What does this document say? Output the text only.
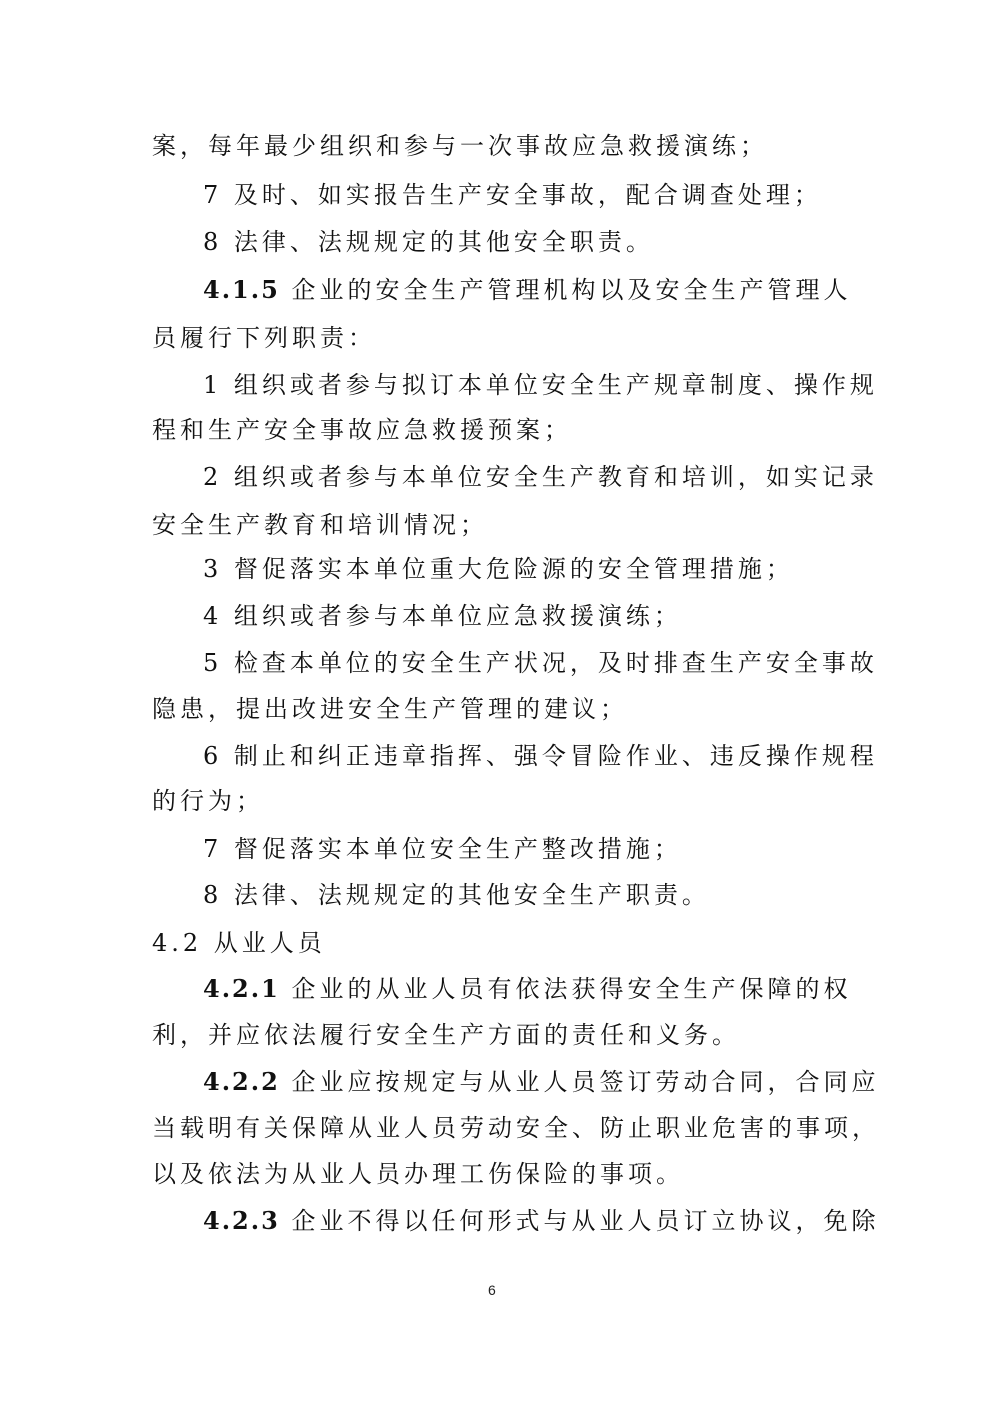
案，每年最少组织和参与一次事故应急救援演练；
7 及时、如实报告生产安全事故，配合调查处理；
8 法律、法规规定的其他安全职责。
4.1.5 企业的安全生产管理机构以及安全生产管理人
员履行下列职责：
1 组织或者参与拟订本单位安全生产规章制度、操作规
程和生产安全事故应急救援预案；
2 组织或者参与本单位安全生产教育和培训，如实记录
安全生产教育和培训情况；
3 督促落实本单位重大危险源的安全管理措施；
4 组织或者参与本单位应急救援演练；
5 检查本单位的安全生产状况，及时排查生产安全事故
隐患，提出改进安全生产管理的建议；
6 制止和纠正违章指挥、强令冒险作业、违反操作规程
的行为；
7 督促落实本单位安全生产整改措施；
8 法律、法规规定的其他安全生产职责。
4.2 从业人员
4.2.1 企业的从业人员有依法获得安全生产保障的权
利，并应依法履行安全生产方面的责任和义务。
4.2.2 企业应按规定与从业人员签订劳动合同，合同应
当载明有关保障从业人员劳动安全、防止职业危害的事项，
以及依法为从业人员办理工伤保险的事项。
4.2.3 企业不得以任何形式与从业人员订立协议，免除
6
